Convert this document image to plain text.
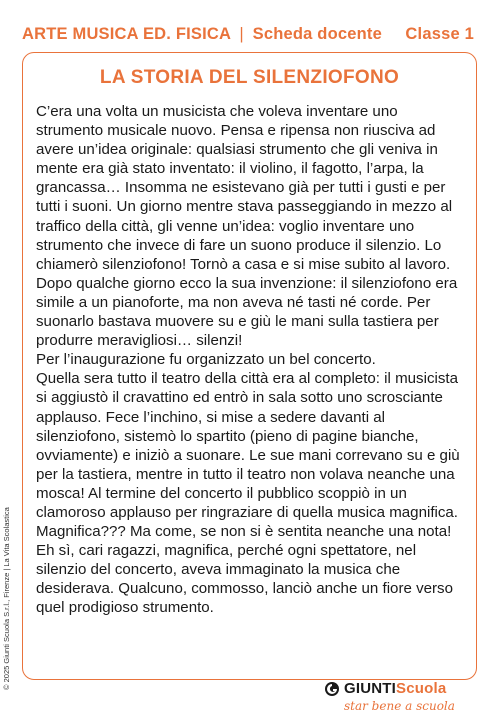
ARTE MUSICA ED. FISICA | Scheda docente Classe 1
LA STORIA DEL SILENZIOFONO

C’era una volta un musicista che voleva inventare uno strumento musicale nuovo. Pensa e ripensa non riusciva ad avere un’idea originale: qualsiasi strumento che gli veniva in mente era già stato inventato: il violino, il fagotto, l’arpa, la grancassa… Insomma ne esistevano già per tutti i gusti e per tutti i suoni. Un giorno mentre stava passeggiando in mezzo al traffico della città, gli venne un’idea: voglio inventare uno strumento che invece di fare un suono produce il silenzio. Lo chiamerò silenziofono! Tornò a casa e si mise subito al lavoro. Dopo qualche giorno ecco la sua invenzione: il silenziofono era simile a un pianoforte, ma non aveva né tasti né corde. Per suonarlo bastava muovere su e giù le mani sulla tastiera per produrre meravigliosi… silenzi!

Per l’inaugurazione fu organizzato un bel concerto.

Quella sera tutto il teatro della città era al completo: il musicista si aggiustò il cravattino ed entrò in sala sotto uno scrosciante applauso. Fece l’inchino, si mise a sedere davanti al silenziofono, sistemò lo spartito (pieno di pagine bianche, ovviamente) e iniziò a suonare. Le sue mani correvano su e giù per la tastiera, mentre in tutto il teatro non volava neanche una mosca! Al termine del concerto il pubblico scoppiò in un clamoroso applauso per ringraziare di quella musica magnifica. Magnifica??? Ma come, se non si è sentita neanche una nota! Eh sì, cari ragazzi, magnifica, perché ogni spettatore, nel silenzio del concerto, aveva immaginato la musica che desiderava. Qualcuno, commosso, lanciò anche un fiore verso quel prodigioso strumento.

© 2025 Giunti Scuola S.r.l., Firenze | La Vita Scolastica	GIUNTIScuola
star bene a scuola
